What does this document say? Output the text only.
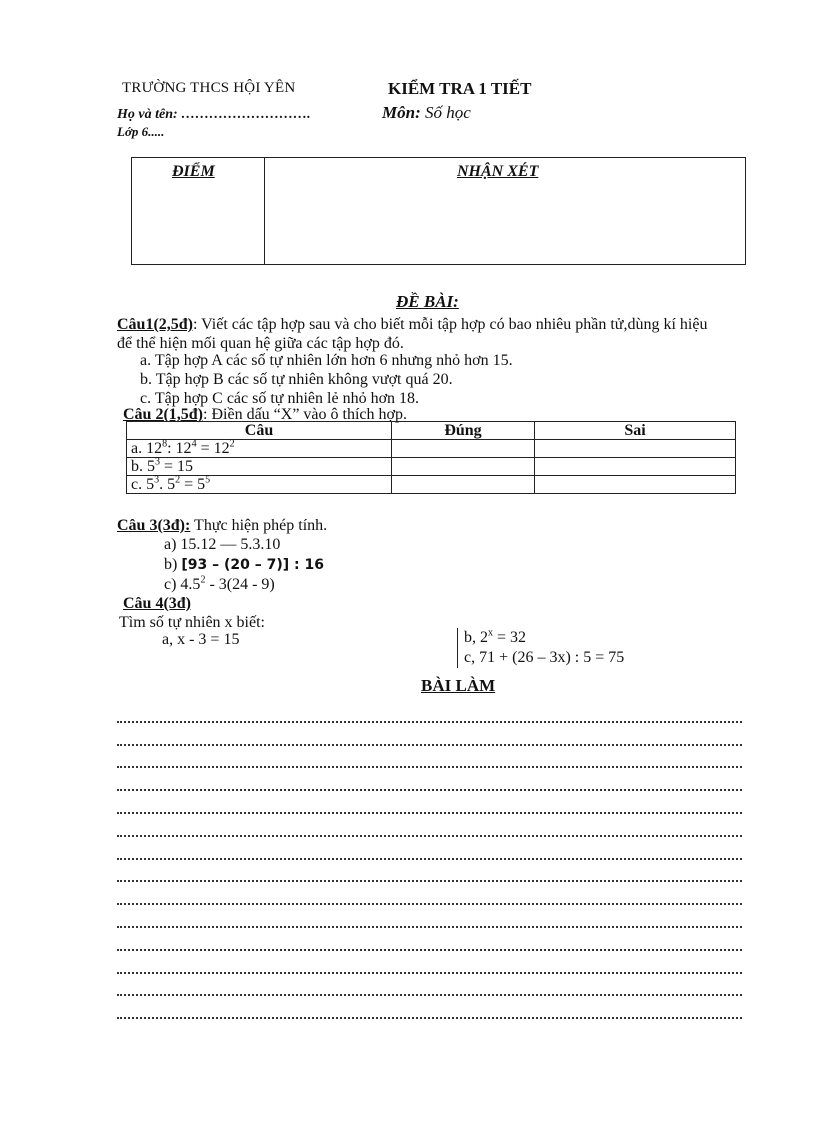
TRƯỜNG THCS HỘI YÊN	KIỂM TRA 1 TIẾT
Họ và tên: ……………………….
Lớp 6.....
Môn: Số học
ĐIỂM	NHẬN XÉT
ĐỀ BÀI:
Câu1(2,5đ): Viết các tập hợp sau và cho biết mỗi tập hợp có bao nhiêu phần tử,dùng kí hiệu để thể hiện mối quan hệ giữa các tập hợp đó.
a. Tập hợp A các số tự nhiên lớn hơn 6 nhưng nhỏ hơn 15.
b. Tập hợp B các số tự nhiên không vượt quá 20.
c. Tập hợp C các số tự nhiên lẻ nhỏ hơn 18.
Câu 2(1,5đ): Điền dấu “X” vào ô thích hợp.
Câu	Đúng	Sai
a. $12^8$: $12^4 = 12^2$		
b. $5^3 = 15$		
c. $5^3$. $5^2 = 5^5$		
Câu 3(3đ): Thực hiện phép tính.
a) 15.12 — 5.3.10
b) [93 – (20 – 7)] : 16
c) $4.5^2 - 3(24 - 9)$
Câu 4(3đ)
Tìm số tự nhiên x biết:
a, x - 3 = 15	b, $2^x = 32$
c, 71 + (26 – 3x) : 5 = 75
BÀI LÀM
